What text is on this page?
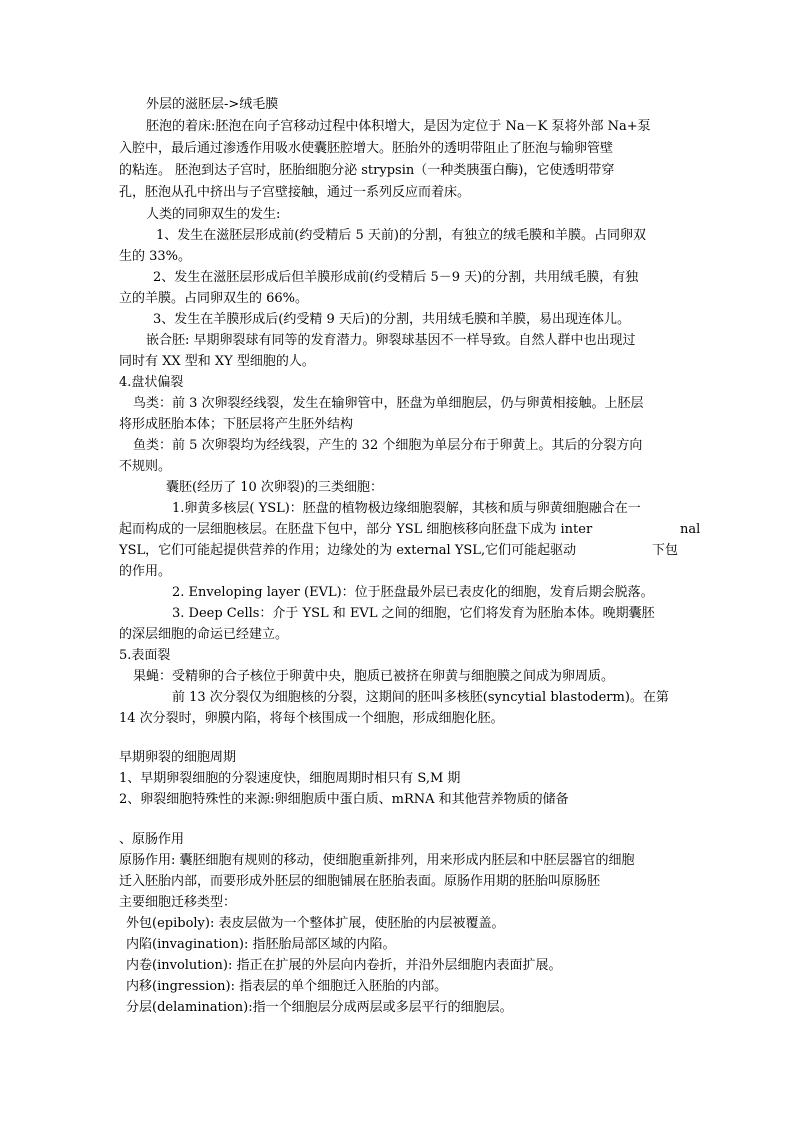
外层的滋胚层->绒毛膜
胚泡的着床:胚泡在向子宫移动过程中体积增大，是因为定位于 Na－K 泵将外部 Na+泵
入腔中，最后通过渗透作用吸水使囊胚腔增大。胚胎外的透明带阻止了胚泡与输卵管壁
的粘连。 胚泡到达子宫时，胚胎细胞分泌 strypsin（一种类胰蛋白酶)，它使透明带穿
孔，胚泡从孔中挤出与子宫壁接触，通过一系列反应而着床。
人类的同卵双生的发生:
1、发生在滋胚层形成前(约受精后 5 天前)的分割，有独立的绒毛膜和羊膜。占同卵双
生的 33%。
2、发生在滋胚层形成后但羊膜形成前(约受精后 5－9 天)的分割，共用绒毛膜，有独
立的羊膜。占同卵双生的 66%。
3、发生在羊膜形成后(约受精 9 天后)的分割，共用绒毛膜和羊膜，易出现连体儿。
嵌合胚: 早期卵裂球有同等的发育潜力。卵裂球基因不一样导致。自然人群中也出现过
同时有 XX 型和 XY 型细胞的人。
4.盘状偏裂
鸟类：前 3 次卵裂经线裂，发生在输卵管中，胚盘为单细胞层，仍与卵黄相接触。上胚层
将形成胚胎本体；下胚层将产生胚外结构
鱼类：前 5 次卵裂均为经线裂，产生的 32 个细胞为单层分布于卵黄上。其后的分裂方向
不规则。
囊胚(经历了 10 次卵裂)的三类细胞：
1.卵黄多核层( YSL)：胚盘的植物极边缘细胞裂解，其核和质与卵黄细胞融合在一
起而构成的一层细胞核层。在胚盘下包中，部分 YSL 细胞核移向胚盘下成为 inter	nal
YSL，它们可能起提供营养的作用；边缘处的为 external YSL,它们可能起驱动	下包
的作用。
2. Enveloping layer (EVL)：位于胚盘最外层已表皮化的细胞，发育后期会脱落。
3. Deep Cells：介于 YSL 和 EVL 之间的细胞，它们将发育为胚胎本体。晚期囊胚
的深层细胞的命运已经建立。
5.表面裂
果蝇：受精卵的合子核位于卵黄中央，胞质已被挤在卵黄与细胞膜之间成为卵周质。
前 13 次分裂仅为细胞核的分裂，这期间的胚叫多核胚(syncytial blastoderm)。在第
14 次分裂时，卵膜内陷，将每个核围成一个细胞，形成细胞化胚。
早期卵裂的细胞周期
1、早期卵裂细胞的分裂速度快，细胞周期时相只有 S,M 期
2、卵裂细胞特殊性的来源:卵细胞质中蛋白质、mRNA 和其他营养物质的储备
、原肠作用
原肠作用: 囊胚细胞有规则的移动，使细胞重新排列，用来形成内胚层和中胚层器官的细胞
迁入胚胎内部，而要形成外胚层的细胞铺展在胚胎表面。原肠作用期的胚胎叫原肠胚
主要细胞迁移类型：
外包(epiboly): 表皮层做为一个整体扩展，使胚胎的内层被覆盖。
内陷(invagination): 指胚胎局部区域的内陷。
内卷(involution): 指正在扩展的外层向内卷折，并沿外层细胞内表面扩展。
内移(ingression): 指表层的单个细胞迁入胚胎的内部。
分层(delamination):指一个细胞层分成两层或多层平行的细胞层。
